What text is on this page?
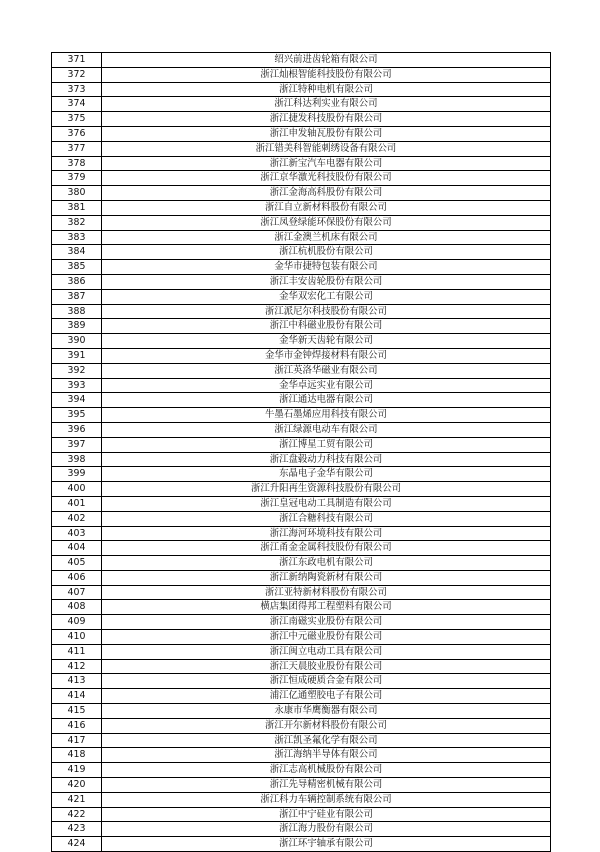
371	绍兴前进齿轮箱有限公司
372	浙江灿根智能科技股份有限公司
373	浙江特种电机有限公司
374	浙江科达利实业有限公司
375	浙江捷发科技股份有限公司
376	浙江申发轴瓦股份有限公司
377	浙江错美科智能刺绣设备有限公司
378	浙江新宝汽车电器有限公司
379	浙江京华激光科技股份有限公司
380	浙江金海高科股份有限公司
381	浙江自立新材料股份有限公司
382	浙江凤登绿能环保股份有限公司
383	浙江金澳兰机床有限公司
384	浙江杭机股份有限公司
385	金华市捷特包装有限公司
386	浙江丰安齿轮股份有限公司
387	金华双宏化工有限公司
388	浙江派尼尔科技股份有限公司
389	浙江中科磁业股份有限公司
390	金华新天齿轮有限公司
391	金华市金钟焊接材料有限公司
392	浙江英洛华磁业有限公司
393	金华卓远实业有限公司
394	浙江通达电器有限公司
395	牛墨石墨烯应用科技有限公司
396	浙江绿源电动车有限公司
397	浙江博星工贸有限公司
398	浙江盘毂动力科技有限公司
399	东晶电子金华有限公司
400	浙江升阳再生资源科技股份有限公司
401	浙江皇冠电动工具制造有限公司
402	浙江合糖科技有限公司
403	浙江海河环境科技有限公司
404	浙江甬金金属科技股份有限公司
405	浙江东政电机有限公司
406	浙江新纳陶瓷新材有限公司
407	浙江亚特新材料股份有限公司
408	横店集团得邦工程塑料有限公司
409	浙江南磁实业股份有限公司
410	浙江中元磁业股份有限公司
411	浙江闽立电动工具有限公司
412	浙江天晨胶业股份有限公司
413	浙江恒成硬质合金有限公司
414	浦江亿通塑胶电子有限公司
415	永康市华鹰衡器有限公司
416	浙江开尔新材料股份有限公司
417	浙江凯圣氟化学有限公司
418	浙江海纳半导体有限公司
419	浙江志高机械股份有限公司
420	浙江先导精密机械有限公司
421	浙江科力车辆控制系统有限公司
422	浙江中宁硅业有限公司
423	浙江海力股份有限公司
424	浙江环宇轴承有限公司
